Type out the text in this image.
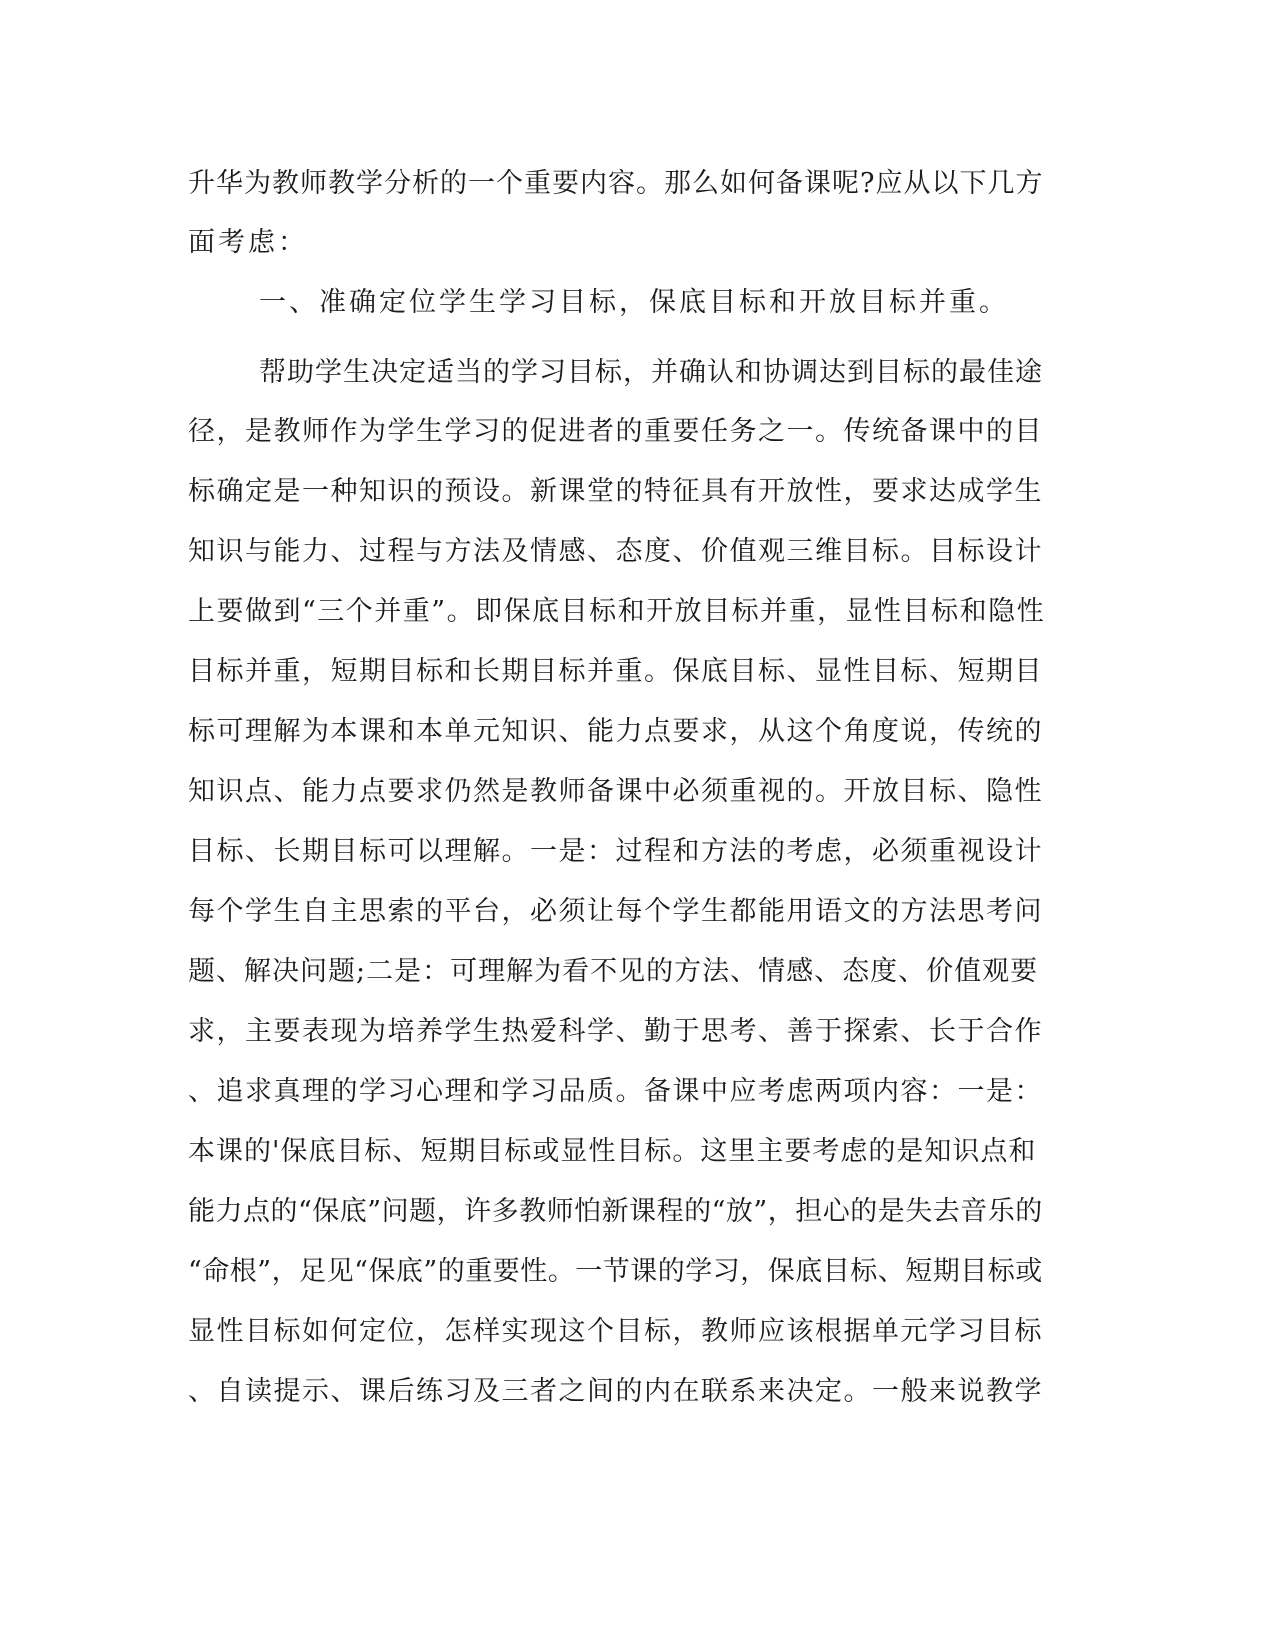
升华为教师教学分析的一个重要内容。那么如何备课呢?应从以下几方
面考虑：
一、准确定位学生学习目标，保底目标和开放目标并重。
帮助学生决定适当的学习目标，并确认和协调达到目标的最佳途
径，是教师作为学生学习的促进者的重要任务之一。传统备课中的目
标确定是一种知识的预设。新课堂的特征具有开放性，要求达成学生
知识与能力、过程与方法及情感、态度、价值观三维目标。目标设计
上要做到“三个并重”。即保底目标和开放目标并重，显性目标和隐性
目标并重，短期目标和长期目标并重。保底目标、显性目标、短期目
标可理解为本课和本单元知识、能力点要求，从这个角度说，传统的
知识点、能力点要求仍然是教师备课中必须重视的。开放目标、隐性
目标、长期目标可以理解。一是：过程和方法的考虑，必须重视设计
每个学生自主思索的平台，必须让每个学生都能用语文的方法思考问
题、解决问题;二是：可理解为看不见的方法、情感、态度、价值观要
求，主要表现为培养学生热爱科学、勤于思考、善于探索、长于合作
、追求真理的学习心理和学习品质。备课中应考虑两项内容：一是：
本课的'保底目标、短期目标或显性目标。这里主要考虑的是知识点和
能力点的“保底”问题，许多教师怕新课程的“放”，担心的是失去音乐的
“命根”，足见“保底”的重要性。一节课的学习，保底目标、短期目标或
显性目标如何定位，怎样实现这个目标，教师应该根据单元学习目标
、自读提示、课后练习及三者之间的内在联系来决定。一般来说教学
